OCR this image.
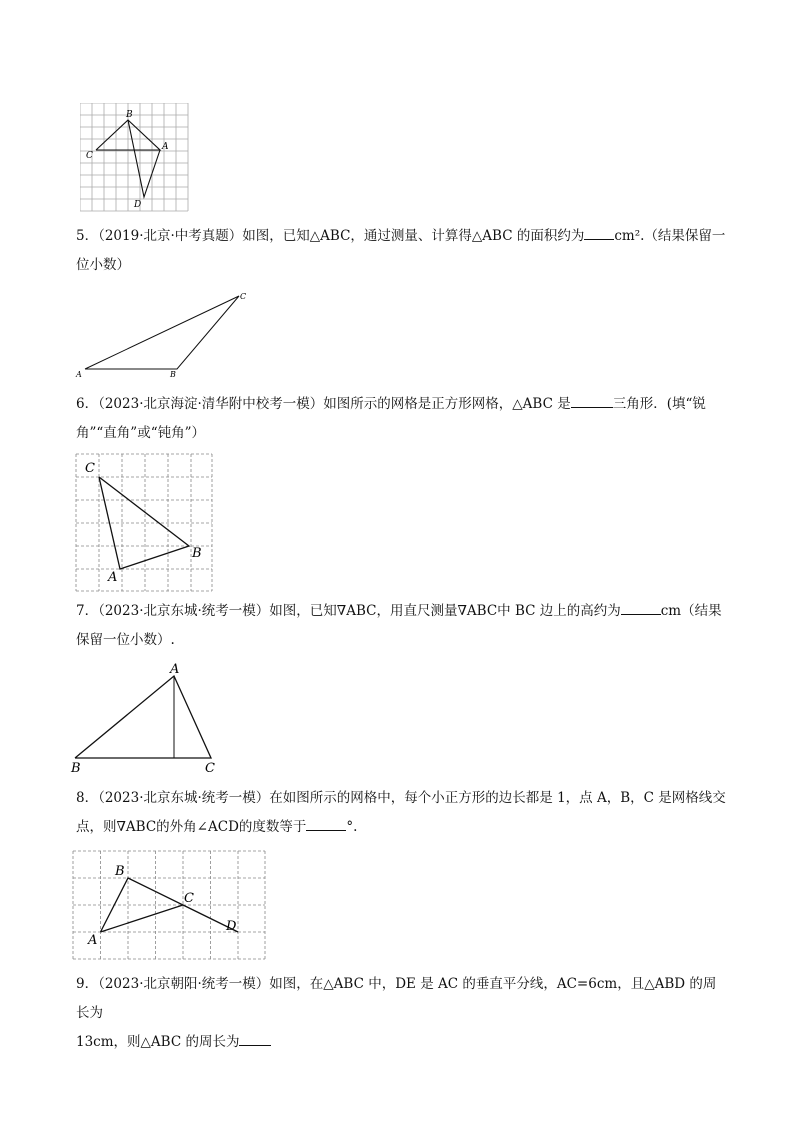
B
C
A
D
5．（2019·北京·中考真题）如图，已知△ABC，通过测量、计算得△ABC 的面积约为 cm².（结果保留一
位小数）
C
A	B
6．（2023·北京海淀·清华附中校考一模）如图所示的网格是正方形网格，△ABC 是	三角形．(填“锐
角”“直角”或“钝角”）
C
B
A
7．（2023·北京东城·统考一模）如图，已知∇ABC，用直尺测量∇ABC中 BC 边上的高约为	cm（结果
保留一位小数）.
A
B	C
8．（2023·北京东城·统考一模）在如图所示的网格中，每个小正方形的边长都是 1，点 A，B，C 是网格线交
点，则∇ABC的外角∠ACD的度数等于	°.
B
C
D
A
9．（2023·北京朝阳·统考一模）如图，在△ABC 中，DE 是 AC 的垂直平分线，AC=6cm，且△ABD 的周长为
13cm，则△ABC 的周长为
